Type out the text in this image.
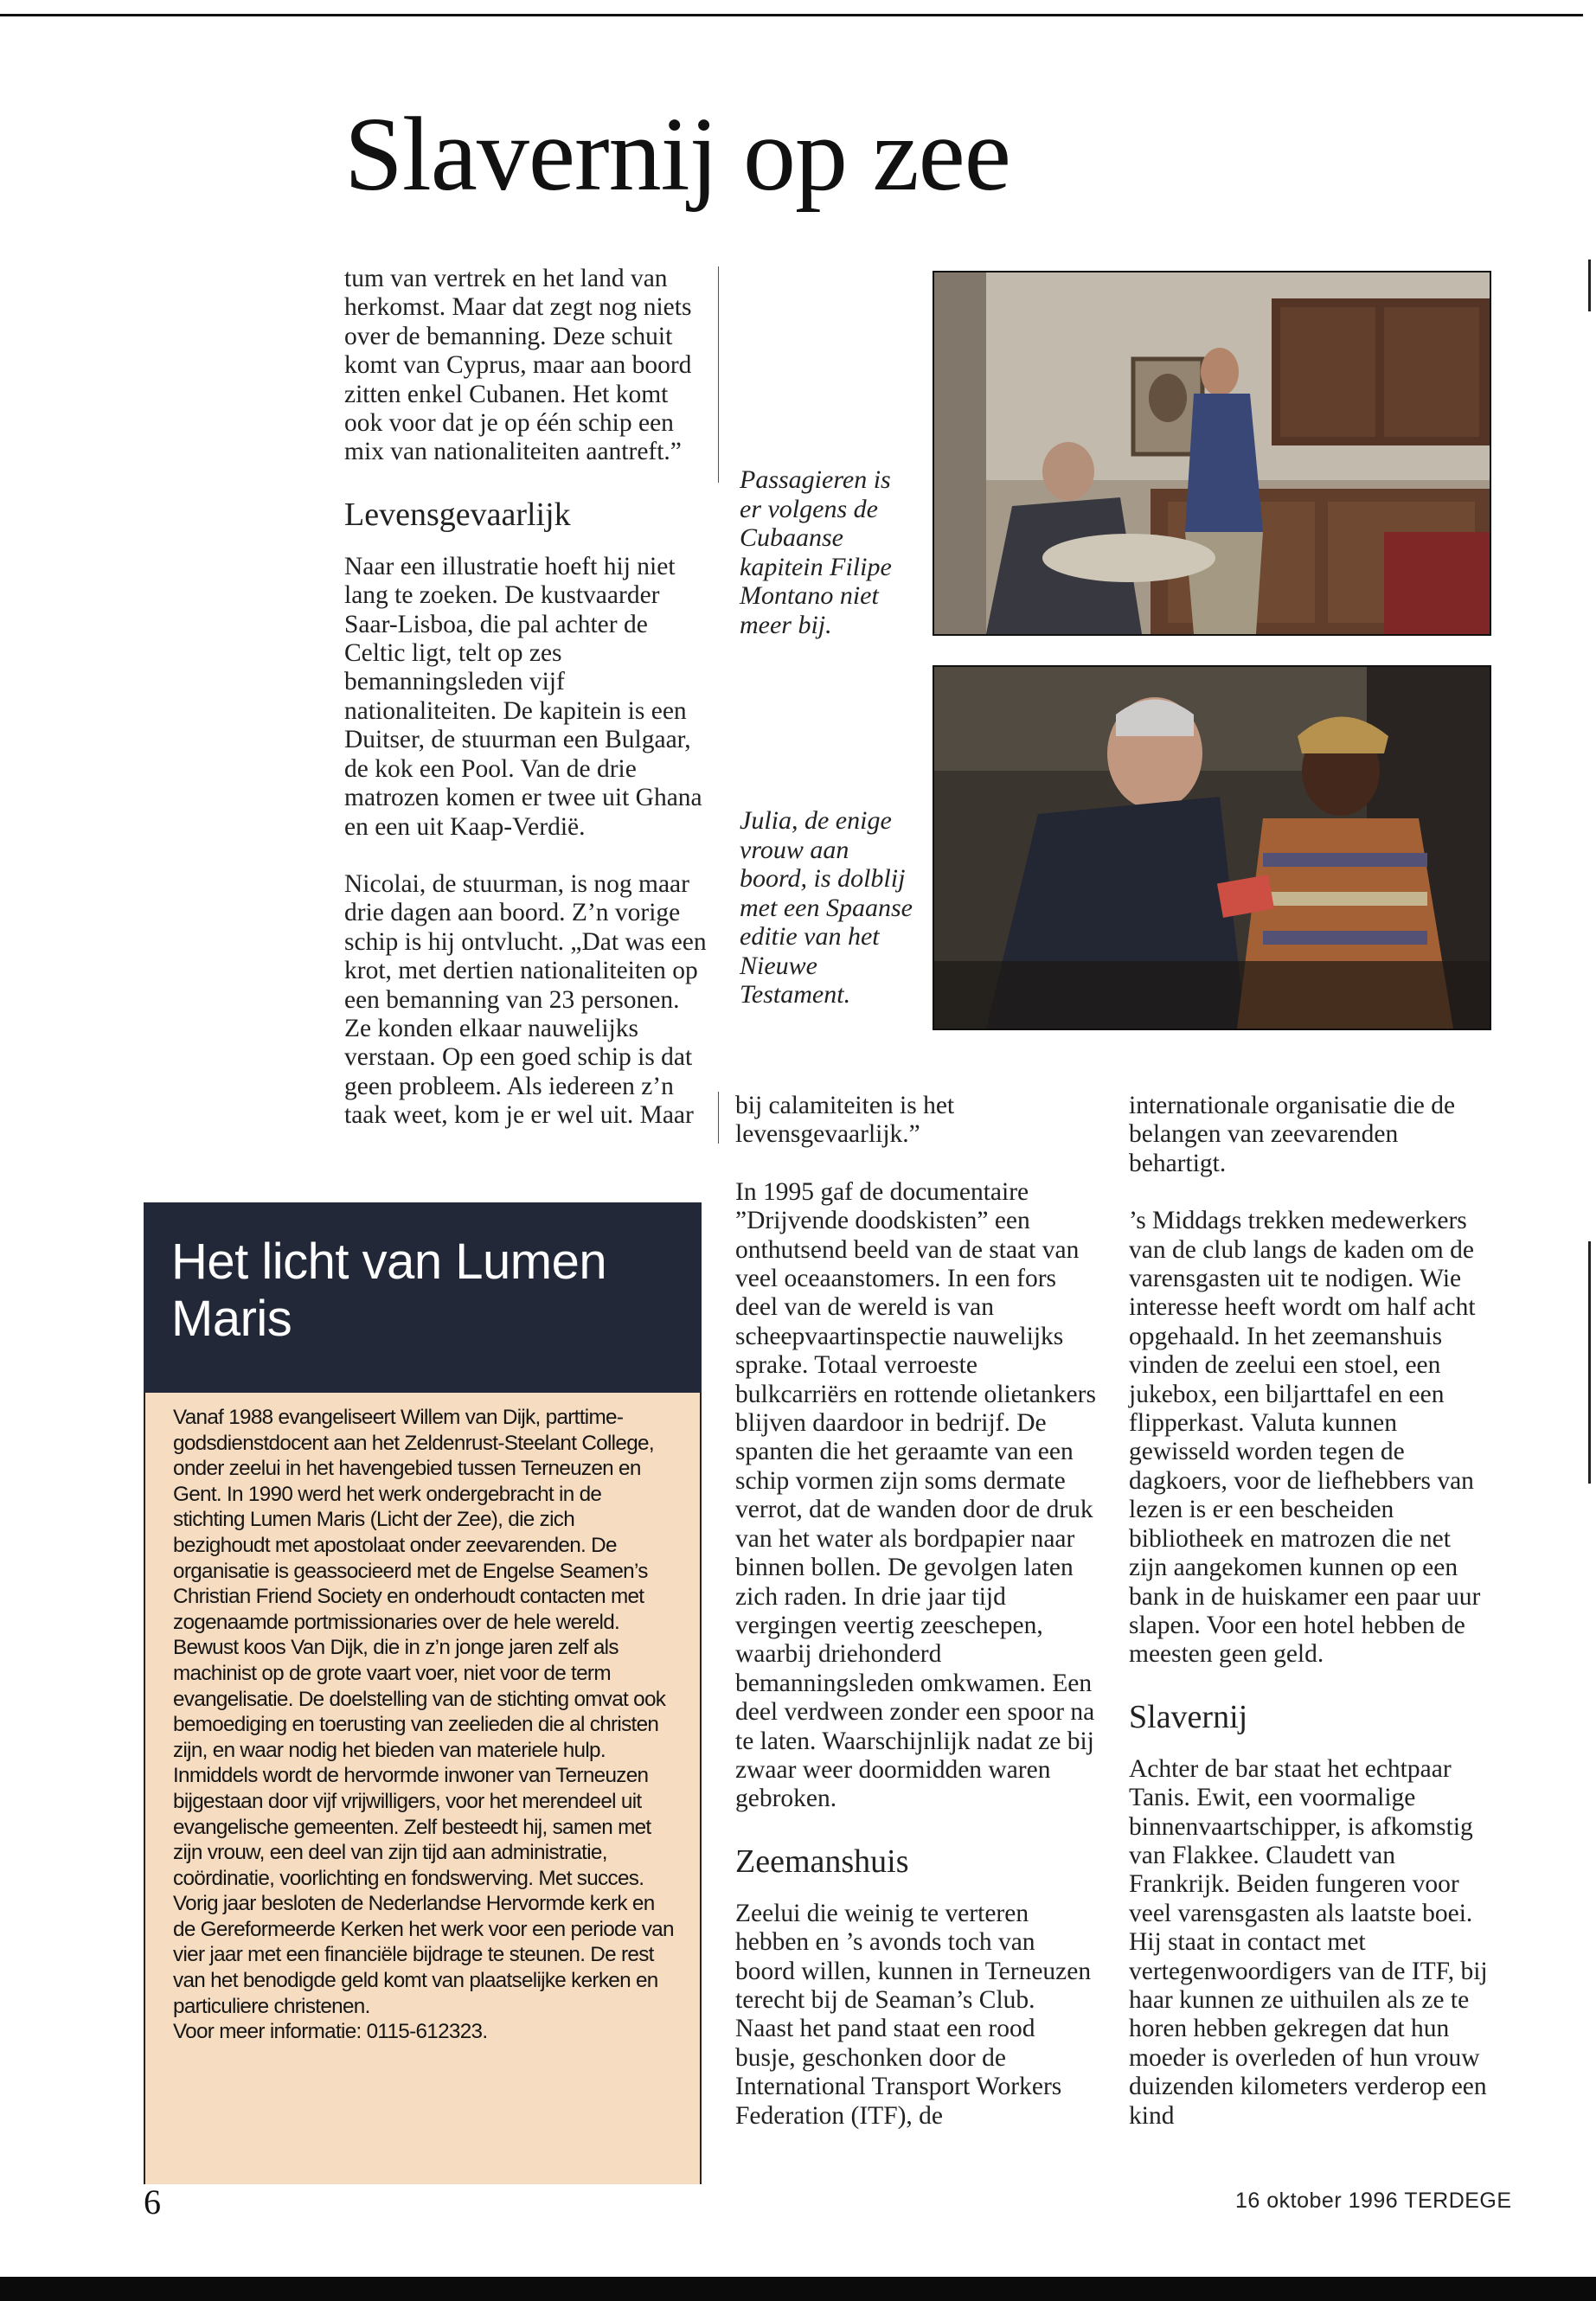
Slavernij op zee

tum van vertrek en het land van herkomst. Maar dat zegt nog niets over de bemanning. Deze schuit komt van Cyprus, maar aan boord zitten enkel Cubanen. Het komt ook voor dat je op één schip een mix van nationaliteiten aantreft.”

Levensgevaarlijk

Naar een illustratie hoeft hij niet lang te zoeken. De kustvaarder Saar-Lisboa, die pal achter de Celtic ligt, telt op zes bemanningsleden vijf nationaliteiten. De kapitein is een Duitser, de stuurman een Bulgaar, de kok een Pool. Van de drie matrozen komen er twee uit Ghana en een uit Kaap-Verdië.

Nicolai, de stuurman, is nog maar drie dagen aan boord. Z’n vorige schip is hij ontvlucht. „Dat was een krot, met dertien nationaliteiten op een bemanning van 23 personen. Ze konden elkaar nauwelijks verstaan. Op een goed schip is dat geen probleem. Als iedereen z’n taak weet, kom je er wel uit. Maar

Passagieren is er volgens de Cubaanse kapitein Filipe Montano niet meer bij.
Julia, de enige vrouw aan boord, is dolblij met een Spaanse editie van het Nieuwe Testament.
Het licht van Lumen Maris

Vanaf 1988 evangeliseert Willem van Dijk, parttime-godsdienstdocent aan het Zeldenrust-Steelant College, onder zeelui in het havengebied tussen Terneuzen en Gent. In 1990 werd het werk ondergebracht in de stichting Lumen Maris (Licht der Zee), die zich bezighoudt met apostolaat onder zeevarenden. De organisatie is geassocieerd met de Engelse Seamen’s Christian Friend Society en onderhoudt contacten met zogenaamde portmissionaries over de hele wereld.

Bewust koos Van Dijk, die in z’n jonge jaren zelf als machinist op de grote vaart voer, niet voor de term evangelisatie. De doelstelling van de stichting omvat ook bemoediging en toerusting van zeelieden die al christen zijn, en waar nodig het bieden van materiele hulp.

Inmiddels wordt de hervormde inwoner van Terneuzen bijgestaan door vijf vrijwilligers, voor het merendeel uit evangelische gemeenten. Zelf besteedt hij, samen met zijn vrouw, een deel van zijn tijd aan administratie, coördinatie, voorlichting en fondswerving. Met succes. Vorig jaar besloten de Nederlandse Hervormde kerk en de Gereformeerde Kerken het werk voor een periode van vier jaar met een financiële bijdrage te steunen. De rest van het benodigde geld komt van plaatselijke kerken en particuliere christenen.

Voor meer informatie: 0115-612323.

bij calamiteiten is het levensgevaarlijk.”

In 1995 gaf de documentaire ”Drijvende doodskisten” een onthutsend beeld van de staat van veel oceaanstomers. In een fors deel van de wereld is van scheepvaartinspectie nauwelijks sprake. Totaal verroeste bulkcarriërs en rottende olietankers blijven daardoor in bedrijf. De spanten die het geraamte van een schip vormen zijn soms dermate verrot, dat de wanden door de druk van het water als bordpapier naar binnen bollen. De gevolgen laten zich raden. In drie jaar tijd vergingen veertig zeeschepen, waarbij driehonderd bemanningsleden omkwamen. Een deel verdween zonder een spoor na te laten. Waarschijnlijk nadat ze bij zwaar weer doormidden waren gebroken.

Zeemanshuis

Zeelui die weinig te verteren hebben en ’s avonds toch van boord willen, kunnen in Terneuzen terecht bij de Seaman’s Club. Naast het pand staat een rood busje, geschonken door de International Transport Workers Federation (ITF), de

internationale organisatie die de belangen van zeevarenden behartigt.

’s Middags trekken medewerkers van de club langs de kaden om de varensgasten uit te nodigen. Wie interesse heeft wordt om half acht opgehaald. In het zeemanshuis vinden de zeelui een stoel, een jukebox, een biljarttafel en een flipperkast. Valuta kunnen gewisseld worden tegen de dagkoers, voor de liefhebbers van lezen is er een bescheiden bibliotheek en matrozen die net zijn aangekomen kunnen op een bank in de huiskamer een paar uur slapen. Voor een hotel hebben de meesten geen geld.

Slavernij

Achter de bar staat het echtpaar Tanis. Ewit, een voormalige binnenvaartschipper, is afkomstig van Flakkee. Claudett van Frankrijk. Beiden fungeren voor veel varensgasten als laatste boei. Hij staat in contact met vertegenwoordigers van de ITF, bij haar kunnen ze uithuilen als ze te horen hebben gekregen dat hun moeder is overleden of hun vrouw duizenden kilometers verderop een kind

6	16 oktober 1996 TERDEGE
